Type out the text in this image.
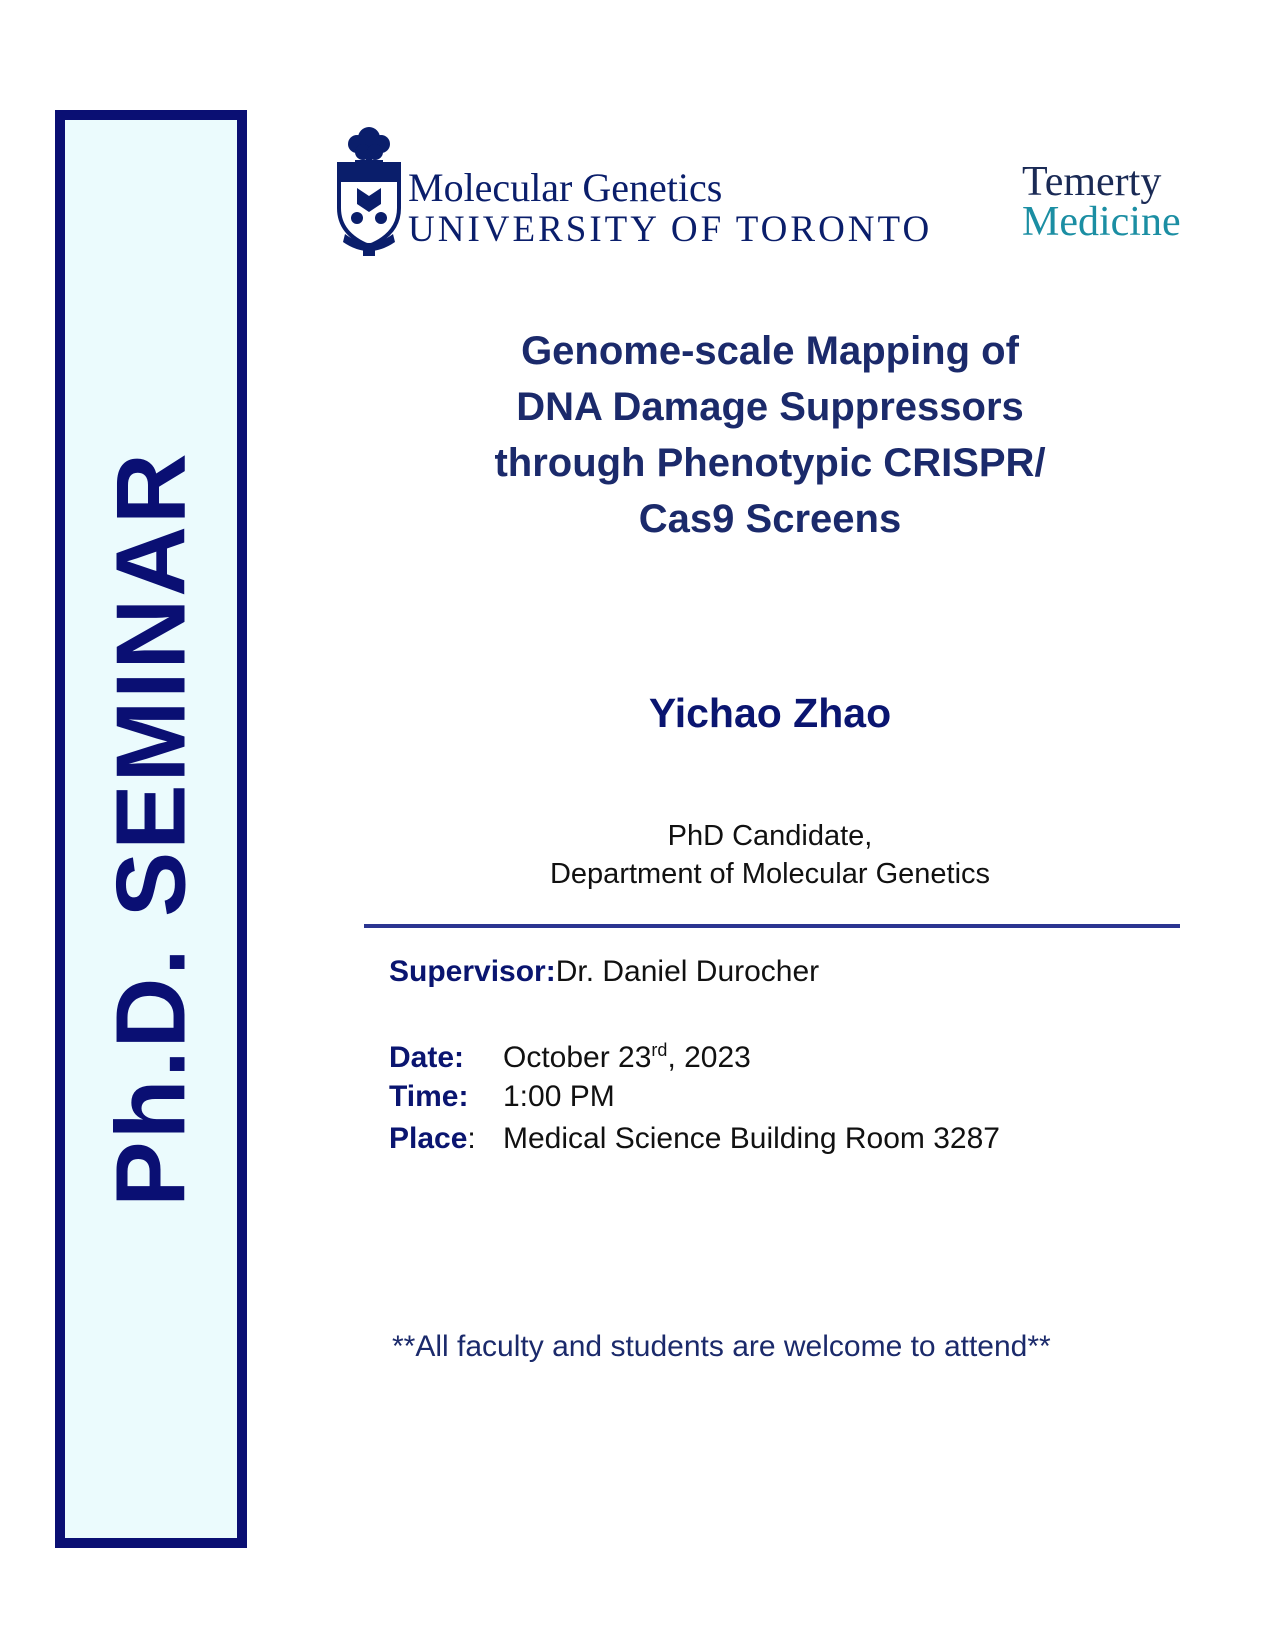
Ph.D. SEMINAR
Molecular Genetics
UNIVERSITY OF TORONTO
Temerty
Medicine
Genome-scale Mapping of
DNA Damage Suppressors
through Phenotypic CRISPR/
Cas9 Screens
Yichao Zhao
PhD Candidate,
Department of Molecular Genetics
Supervisor:Dr. Daniel Durocher
Date: October 23rd, 2023
Time: 1:00 PM
Place: Medical Science Building Room 3287
**All faculty and students are welcome to attend**
